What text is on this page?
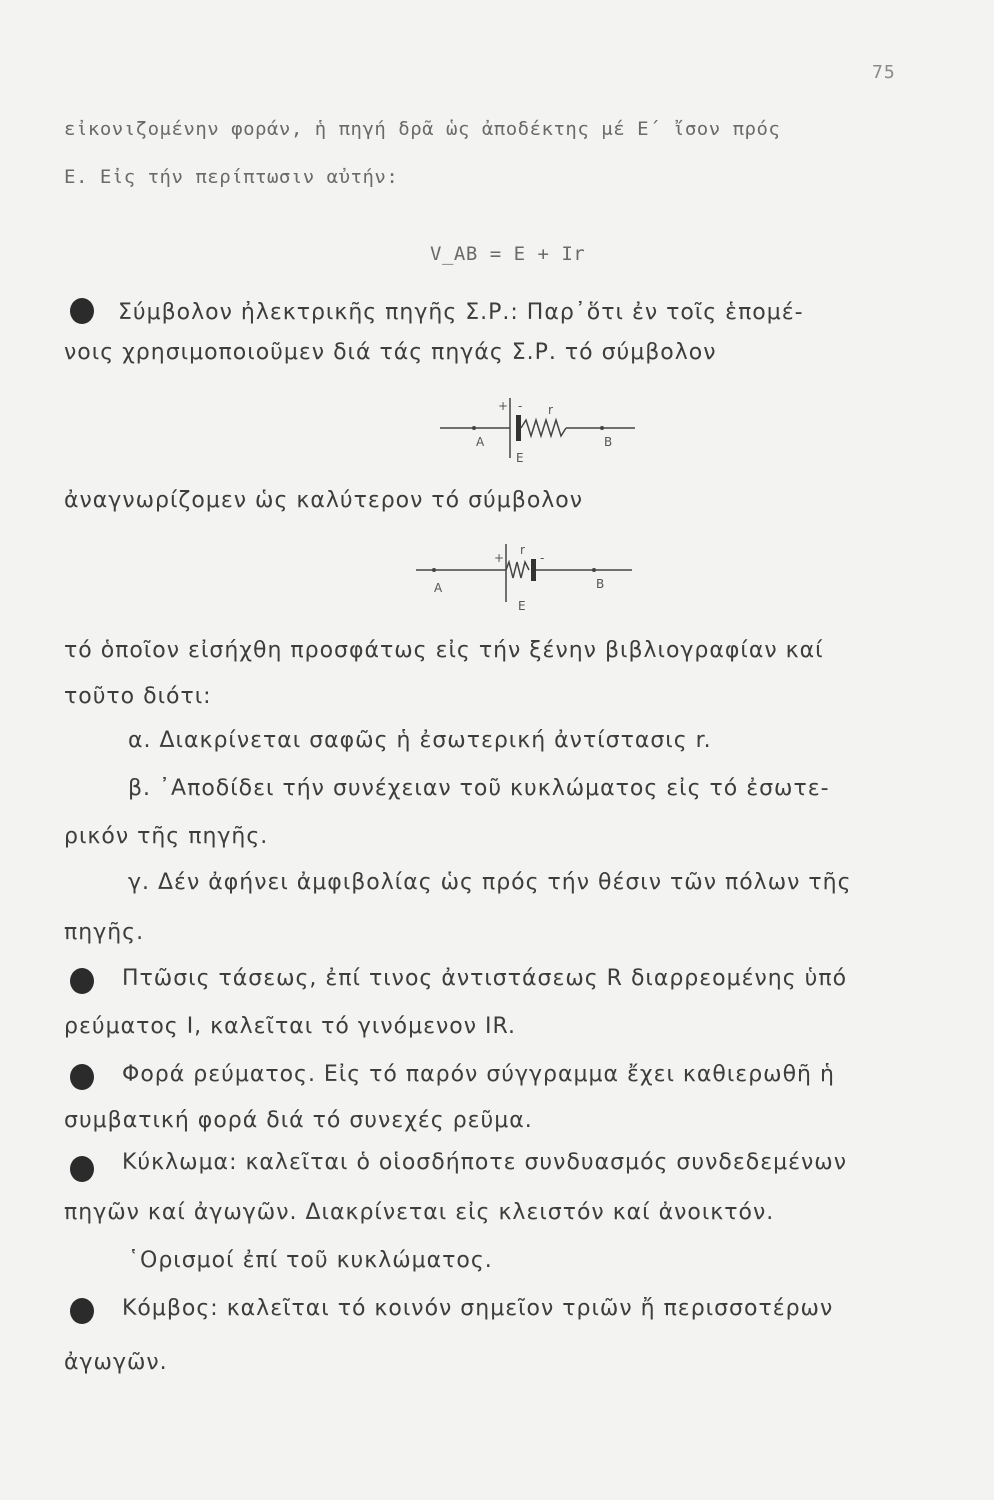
75
εἰκονιζομένην φοράν, ἡ πηγή δρᾶ ὡς ἀποδέκτης μέ Ε΄ ἴσον πρός
Ε. Εἰς τήν περίπτωσιν αὐτήν:
V_AB = E + Ir
Σύμβολον ἠλεκτρικῆς πηγῆς Σ.Ρ.: Παρ᾽ὅτι ἐν τοῖς ἑπομέ-
νοις χρησιμοποιοῦμεν διά τάς πηγάς Σ.Ρ. τό σύμβολον
+ - r
A	B
E
ἀναγνωρίζομεν ὡς καλύτερον τό σύμβολον
+	-
r
A	B
E
τό ὁποῖον εἰσήχθη προσφάτως εἰς τήν ξένην βιβλιογραφίαν καί
τοῦτο διότι:
α. Διακρίνεται σαφῶς ἡ ἐσωτερική ἀντίστασις r.
β. ᾽Αποδίδει τήν συνέχειαν τοῦ κυκλώματος εἰς τό ἐσωτε-
ρικόν τῆς πηγῆς.
γ. Δέν ἀφήνει ἀμφιβολίας ὡς πρός τήν θέσιν τῶν πόλων τῆς
πηγῆς.
Πτῶσις τάσεως, ἐπί τινος ἀντιστάσεως R διαρρεομένης ὑπό
ρεύματος Ι, καλεῖται τό γινόμενον IR.
Φορά ρεύματος. Εἰς τό παρόν σύγγραμμα ἔχει καθιερωθῆ ἡ
συμβατική φορά διά τό συνεχές ρεῦμα.
Κύκλωμα: καλεῖται ὁ οἱοσδήποτε συνδυασμός συνδεδεμένων
πηγῶν καί ἀγωγῶν. Διακρίνεται εἰς κλειστόν καί ἀνοικτόν.
῾Ορισμοί ἐπί τοῦ κυκλώματος.
Κόμβος: καλεῖται τό κοινόν σημεῖον τριῶν ἤ περισσοτέρων
ἀγωγῶν.
